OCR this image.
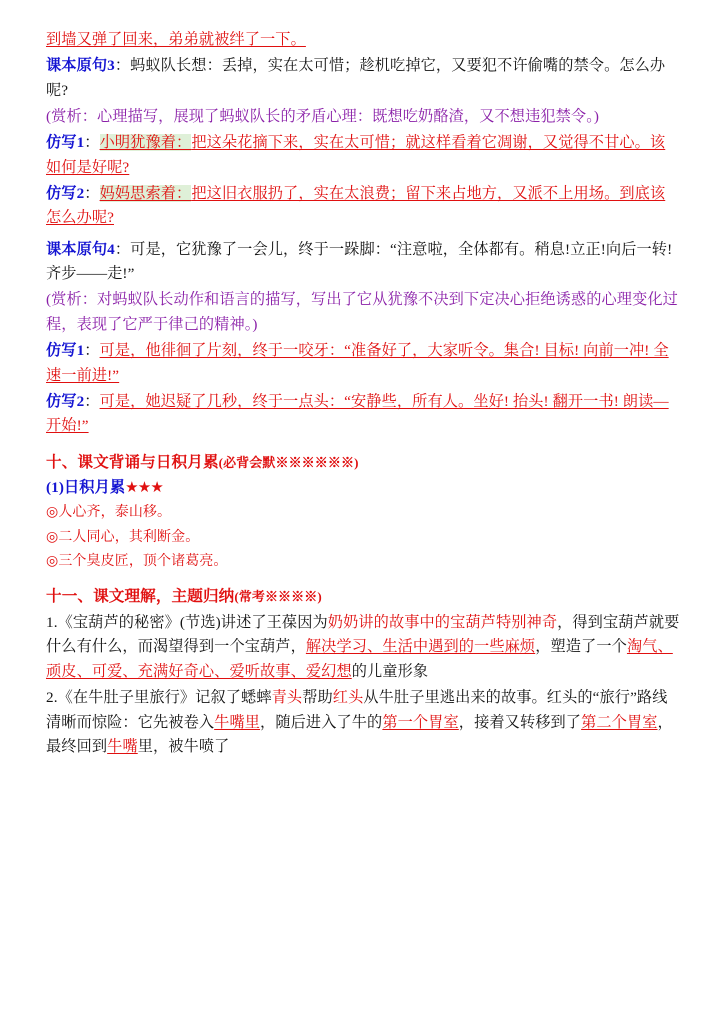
到墙又弹了回来，弟弟就被绊了一下。

课本原句3：蚂蚁队长想：丢掉，实在太可惜；趁机吃掉它，又要犯不许偷嘴的禁令。怎么办呢?

(赏析：心理描写，展现了蚂蚁队长的矛盾心理：既想吃奶酪渣，又不想违犯禁令。)

仿写1：小明犹豫着：把这朵花摘下来，实在太可惜；就这样看着它凋谢，又觉得不甘心。该如何是好呢?

仿写2：妈妈思索着：把这旧衣服扔了，实在太浪费；留下来占地方，又派不上用场。到底该怎么办呢?

课本原句4：可是，它犹豫了一会儿，终于一跺脚：“注意啦，全体都有。稍息!立正!向后一转!齐步——走!”

(赏析：对蚂蚁队长动作和语言的描写，写出了它从犹豫不决到下定决心拒绝诱惑的心理变化过程，表现了它严于律己的精神。)

仿写1：可是，他徘徊了片刻，终于一咬牙：“准备好了，大家听令。集合! 目标! 向前一冲! 全速一前进!”

仿写2：可是，她迟疑了几秒，终于一点头：“安静些，所有人。坐好! 抬头! 翻开一书! 朗读—开始!”

十、课文背诵与日积月累(必背会默※※※※※※)

(1)日积月累★★★

◎人心齐，泰山移。

◎二人同心，其利断金。

◎三个臭皮匠，顶个诸葛亮。

十一、课文理解，主题归纳(常考※※※※)

1.《宝葫芦的秘密》(节选)讲述了王葆因为奶奶讲的故事中的宝葫芦特别神奇，得到宝葫芦就要什么有什么，而渴望得到一个宝葫芦，解决学习、生活中遇到的一些麻烦，塑造了一个淘气、顽皮、可爱、充满好奇心、爱听故事、爱幻想的儿童形象

2.《在牛肚子里旅行》记叙了蟋蟀青头帮助红头从牛肚子里逃出来的故事。红头的“旅行”路线清晰而惊险：它先被卷入牛嘴里，随后进入了牛的第一个胃室，接着又转移到了第二个胃室，最终回到牛嘴里，被牛喷了
